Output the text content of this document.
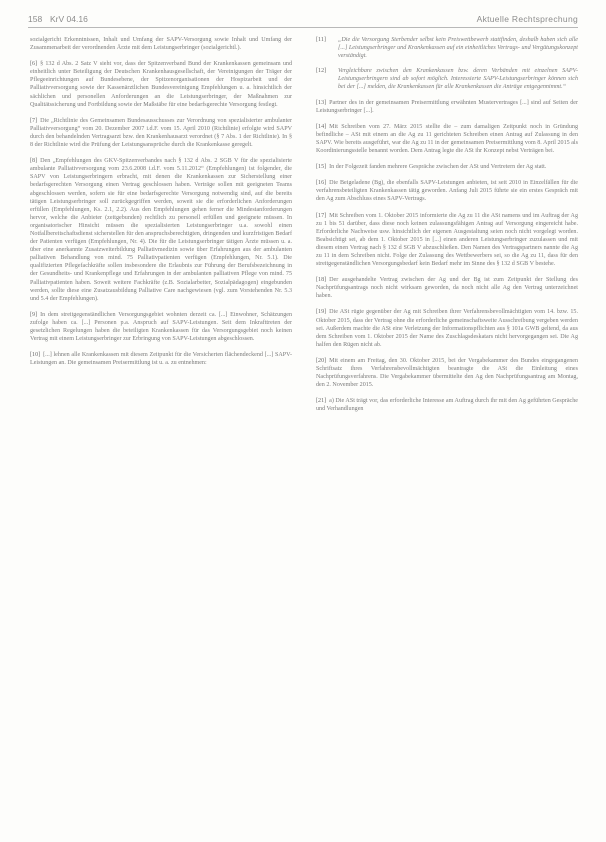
158 KrV 04.16	Aktuelle Rechtsprechung

sozialgericht Erkenntnissen, Inhalt und Umfang der SAPV-Versorgung sowie Inhalt und Umfang der Zusammenarbeit der verordnenden Ärzte mit dem Leistungserbringer (sozialgerichtl.).

[6] § 132 d Abs. 2 Satz V sieht vor, dass der Spitzenverband Bund der Krankenkassen gemeinsam und einheitlich unter Beteiligung der Deutschen Krankenhausgesellschaft, der Vereinigungen der Träger der Pflegeeinrichtungen auf Bundesebene, der Spitzenorganisationen der Hospizarbeit und der Palliativversorgung sowie der Kassenärztlichen Bundesvereinigung Empfehlungen u. a. hinsichtlich der sächlichen und personellen Anforderungen an die Leistungserbringer, der Maßnahmen zur Qualitätssicherung und Fortbildung sowie der Maßstäbe für eine bedarfsgerechte Versorgung festlegt.

[7] Die „Richtlinie des Gemeinsamen Bundesausschusses zur Verordnung von spezialisierter ambulanter Palliativversorgung“ vom 20. Dezember 2007 i.d.F. vom 15. April 2010 (Richtlinie) erfolgte wird SAPV durch den behandelnden Vertragsarzt bzw. den Krankenhausarzt verordnet (§ 7 Abs. 1 der Richtlinie). In § 8 der Richtlinie wird die Prüfung der Leistungsansprüche durch die Krankenkasse geregelt.

[8] Den „Empfehlungen des GKV-Spitzenverbandes nach § 132 d Abs. 2 SGB V für die spezialisierte ambulante Palliativversorgung vom 23.6.2008 i.d.F. vom 5.11.2012“ (Empfehlungen) ist folgender, die SAPV von Leistungserbringern erbracht, mit denen die Krankenkassen zur Sicherstellung einer bedarfsgerechten Versorgung einen Vertrag geschlossen haben. Verträge sollen mit geeigneten Teams abgeschlossen werden, sofern sie für eine bedarfsgerechte Versorgung notwendig sind, auf die bereits tätigen Leistungserbringer soll zurückgegriffen werden, soweit sie die erforderlichen Anforderungen erfüllen (Empfehlungen, Ks. 2.1, 2.2). Aus den Empfehlungen gehen ferner die Mindestanforderungen hervor, welche die Anbieter (zeitgebunden) rechtlich zu personell erfüllen und geeignete müssen. In organisatorischer Hinsicht müssen die spezialisierten Leistungserbringer u.a. sowohl einen Notfallbereitschaftsdienst sicherstellen für den anspruchsberechtigten, dringenden und kurzfristigen Bedarf der Patienten verfügen (Empfehlungen, Nr. 4). Die für die Leistungserbringer tätigen Ärzte müssen u. a. über eine anerkannte Zusatzweiterbildung Palliativmedizin sowie über Erfahrungen aus der ambulanten palliativen Behandlung von mind. 75 Palliativpatienten verfügen (Empfehlungen, Nr. 5.1). Die qualifizierten Pflegefachkräfte sollen insbesondere die Erlaubnis zur Führung der Berufsbezeichnung in der Gesundheits- und Krankenpflege und Erfahrungen in der ambulanten palliativen Pflege von mind. 75 Palliativpatienten haben. Soweit weitere Fachkräfte (z.B. Sozialarbeiter, Sozialpädagogen) eingebunden werden, sollte diese eine Zusatzausbildung Palliative Care nachgewiesen (vgl. zum Vorstehenden Nr. 5.3 und 5.4 der Empfehlungen).

[9] In dem streitgegenständlichen Versorgungsgebiet wohnten derzeit ca. [...] Einwohner, Schätzungen zufolge haben ca. [...] Personen p.a. Anspruch auf SAPV-Leistungen. Seit dem Inkrafttreten der gesetzlichen Regelungen haben die beteiligten Krankenkassen für das Versorgungsgebiet noch keinen Vertrag mit einem Leistungserbringer zur Erbringung von SAPV-Leistungen abgeschlossen.

[10] [...] lehnen alle Krankenkassen mit diesem Zeitpunkt für die Versicherten flächendeckend [...] SAPV-Leistungen an. Die gemeinsamen Preisermittlung ist u. a. zu entnehmen:

[11]	„Die die Versorgung Sterbender selbst kein Preiswettbewerb stattfinden, deshalb haben sich alle [...] Leistungserbringer und Krankenkassen auf ein einheitliches Vertrags- und Vergütungskonzept verständigt.
[12]	Vergleichbare zwischen den Krankenkassen bzw. deren Verbänden mit einzelnen SAPV-Leistungserbringern sind ab sofort möglich. Interessierte SAPV-Leistungserbringer können sich bei der [...] melden, die Krankenkassen für alle Krankenkassen die Anträge entgegennimmt.“

[13] Partner des in der gemeinsamen Preisermittlung erwähnten Mustervertrages [...] sind auf Seiten der Leistungserbringer [...].

[14] Mit Schreiben vom 27. März 2015 stellte die – zum damaligen Zeitpunkt noch in Gründung befindliche – ASt mit einem an die Ag zu 11 gerichteten Schreiben einen Antrag auf Zulassung in den SAPV. Wie bereits ausgeführt, war die Ag zu 11 in der gemeinsamen Preisermittlung vom 8. April 2015 als Koordinierungsstelle benannt worden. Dem Antrag legte die ASt ihr Konzept nebst Verträgen bei.

[15] In der Folgezeit fanden mehrere Gespräche zwischen der ASt und Vertretern der Ag statt.

[16] Die Beigeladene (Bg), die ebenfalls SAPV-Leistungen anbieten, ist seit 2010 in Einzelfällen für die verfahrensbeteiligten Krankenkassen tätig geworden. Anfang Juli 2015 führte sie ein erstes Gespräch mit den Ag zum Abschluss eines SAPV-Vertrags.

[17] Mit Schreiben vom 1. Oktober 2015 informierte die Ag zu 11 die ASt namens und im Auftrag der Ag zu 1 bis 51 darüber, dass diese noch keinen zulassungsfähigen Antrag auf Versorgung eingereicht habe. Erforderliche Nachweise usw. hinsichtlich der eigenen Ausgestaltung seien noch nicht vorgelegt worden. Beabsichtigt sei, ab dem 1. Oktober 2015 in [...] einen anderen Leistungserbringer zuzulassen und mit diesem einen Vertrag nach § 132 d SGB V abzuschließen. Den Namen des Vertragspartners nannte die Ag zu 11 in dem Schreiben nicht. Folge der Zulassung des Wettbewerbers sei, so die Ag zu 11, dass für den streitgegenständlichen Versorgungsbedarf kein Bedarf mehr im Sinne des § 132 d SGB V bestehe.

[18] Der ausgehandelte Vertrag zwischen der Ag und der Bg ist zum Zeitpunkt der Stellung des Nachprüfungsantrags noch nicht wirksam geworden, da noch nicht alle Ag den Vertrag unterzeichnet haben.

[19] Die ASt rügte gegenüber der Ag mit Schreiben ihrer Verfahrensbevollmächtigten vom 14. bzw. 15. Oktober 2015, dass der Vertrag ohne die erforderliche gemeinschaftsweite Ausschreibung vergeben werden sei. Außerdem machte die ASt eine Verletzung der Informationspflichten aus § 101a GWB geltend, da aus dem Schreiben vom 1. Oktober 2015 der Name des Zuschlagsdeskatars nicht hervorgegangen sei. Die Ag halfen den Rügen nicht ab.

[20] Mit einem am Freitag, den 30. Oktober 2015, bei der Vergabekammer des Bundes eingegangenen Schriftsatz ihres Verfahrensbevollmächtigten beantragte die ASt die Einleitung eines Nachprüfungsverfahrens. Die Vergabekammer übermittelte den Ag den Nachprüfungsantrag am Montag, den 2. November 2015.

[21] a) Die ASt trägt vor, das erforderliche Interesse am Auftrag durch ihr mit den Ag geführten Gespräche und Verhandlungen
